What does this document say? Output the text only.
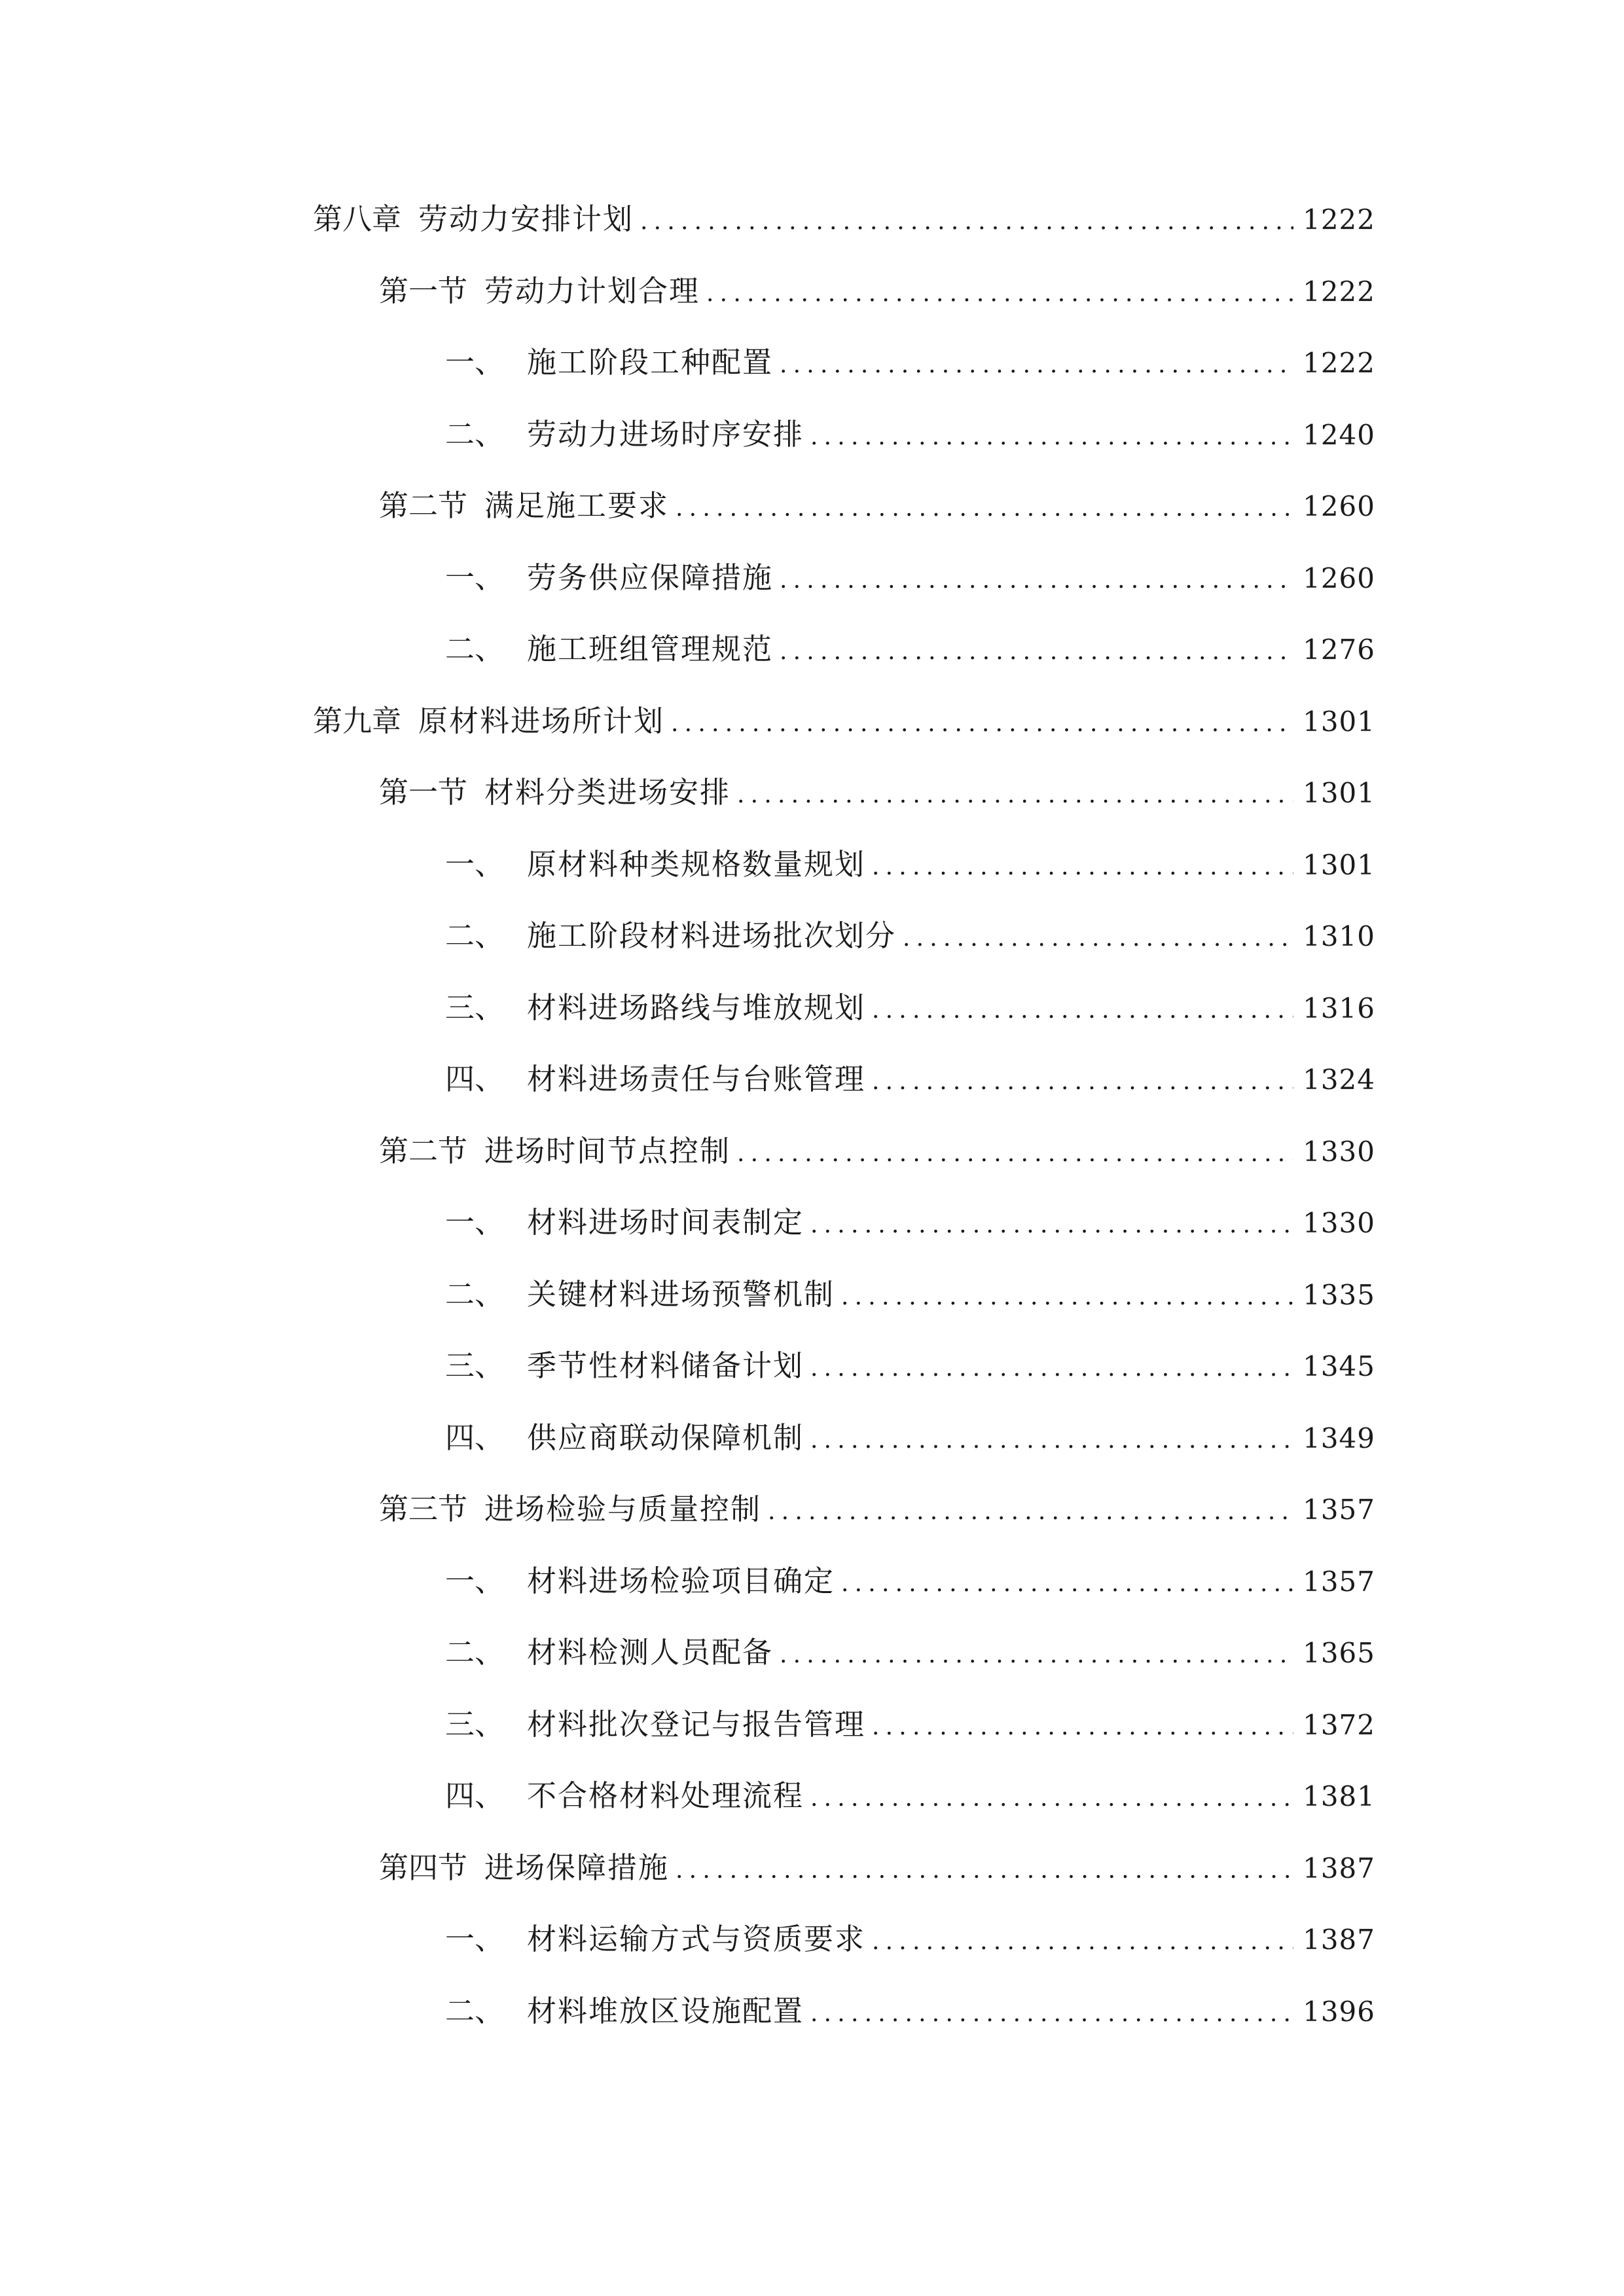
第八章 劳动力安排计划 .....	1222
第一节 劳动力计划合理 .....	1222
一、 施工阶段工种配置 .....	1222
二、 劳动力进场时序安排 .....	1240
第二节 满足施工要求 .....	1260
一、 劳务供应保障措施 .....	1260
二、 施工班组管理规范 .....	1276
第九章 原材料进场所计划 .....	1301
第一节 材料分类进场安排 .....	1301
一、 原材料种类规格数量规划 .....	1301
二、 施工阶段材料进场批次划分 .....	1310
三、 材料进场路线与堆放规划 .....	1316
四、 材料进场责任与台账管理 .....	1324
第二节 进场时间节点控制 .....	1330
一、 材料进场时间表制定 .....	1330
二、 关键材料进场预警机制 .....	1335
三、 季节性材料储备计划 .....	1345
四、 供应商联动保障机制 .....	1349
第三节 进场检验与质量控制 .....	1357
一、 材料进场检验项目确定 .....	1357
二、 材料检测人员配备 .....	1365
三、 材料批次登记与报告管理 .....	1372
四、 不合格材料处理流程 .....	1381
第四节 进场保障措施 .....	1387
一、 材料运输方式与资质要求 .....	1387
二、 材料堆放区设施配置 .....	1396
